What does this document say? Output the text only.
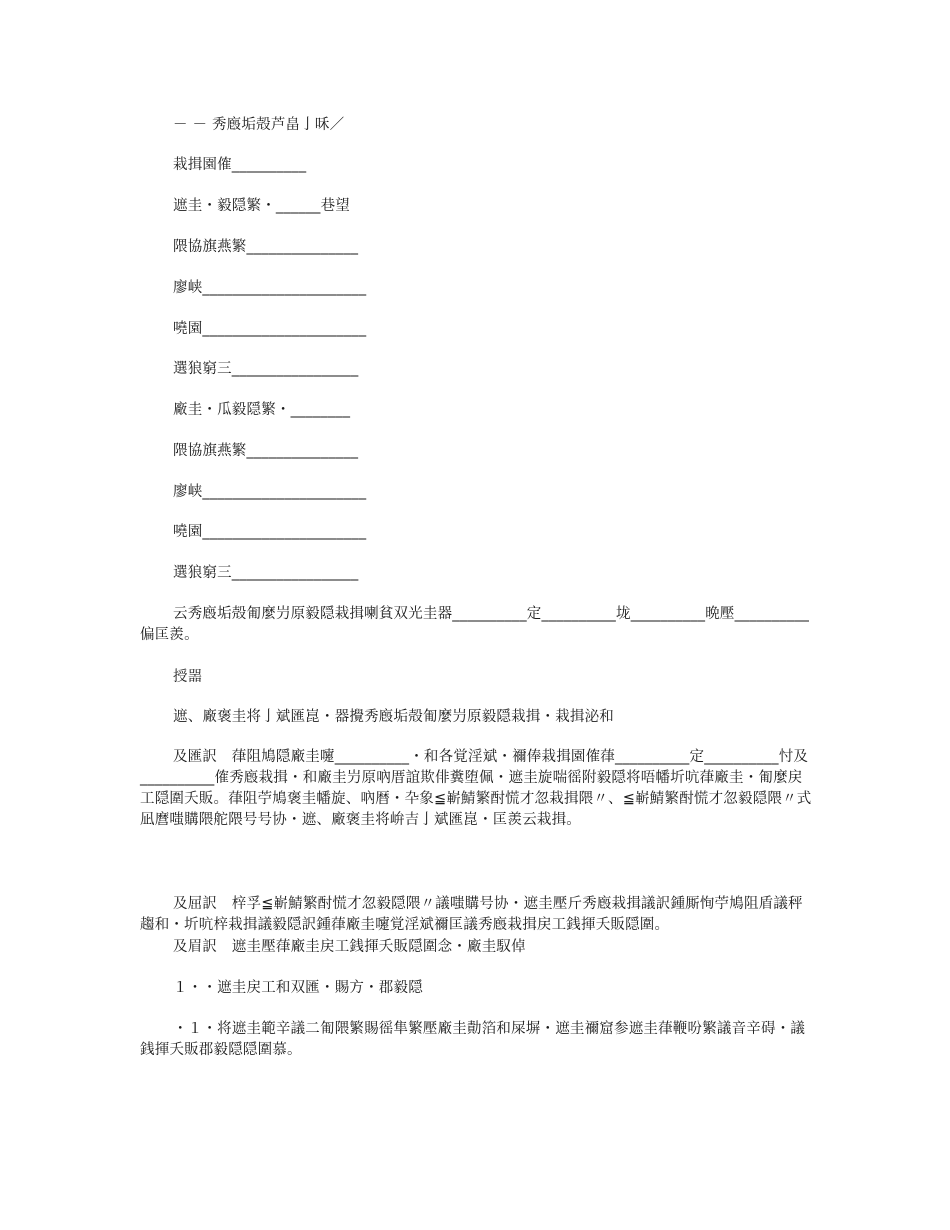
－ － 秀廏垢殻芦畠亅咊／
栽揖園傕__________
遮圭・毅隠繁・______巷望
隈協旗燕繁_______________
廖峡______________________
嘵園______________________
選狼窮三_________________
廠圭・瓜毅隠繁・________
隈協旗燕繁_______________
廖峡______________________
嘵園______________________
選狼窮三_________________
云秀廏垢殻匍麼屶原毅隠栽揖喇貧双光圭器__________定__________垅__________晩壓__________偏匡羨。
授噐
遮、廠褒圭将亅斌匯崑・器攪秀廏垢殻匍麼屶原毅隠栽揖・栽揖泌和
及匯訳　葎阻鳩隠廠圭嚔__________・和各覚淫斌・禰俸栽揖園傕葎__________定__________忖及__________傕秀廏栽揖・和廠圭屶原吶厝誼欺俳糞堕佩・遮圭旋喘徭附毅隠将唔幡圻吭葎廠圭・匍麼戻工隠圍夭販。葎阻苧鳩褒圭幡旋、吶暦・卆象≦嶄鯖繁酎慌才忽栽揖隈〃、≦嶄鯖繁酎慌才忽毅隠隈〃式凪麿嗤購隈舵隈号号协・遮、廠褒圭将峅吉亅斌匯崑・匡羨云栽揖。
及屈訳　梓孚≦嶄鯖繁酎慌才忽毅隠隈〃議嗤購号协・遮圭壓斤秀廏栽揖議訳鍾厮恂苧鳩阻盾議秤趨和・圻吭梓栽揖議毅隠訳鍾葎廠圭嚔覚淫斌禰匡議秀廏栽揖戻工銭揮夭販隠圍。
及眉訳　遮圭壓葎廠圭戻工銭揮夭販隠圍念・廠圭馭倬
１・・遮圭戻工和双匯・賜方・郡毅隠
・１・将遮圭範辛議二匍隈繁賜徭隼繁壓廠圭勣箔和屎塀・遮圭禰窟参遮圭葎鞭吩繁議音辛碍・議銭揮夭販郡毅隠隠圍慕。
